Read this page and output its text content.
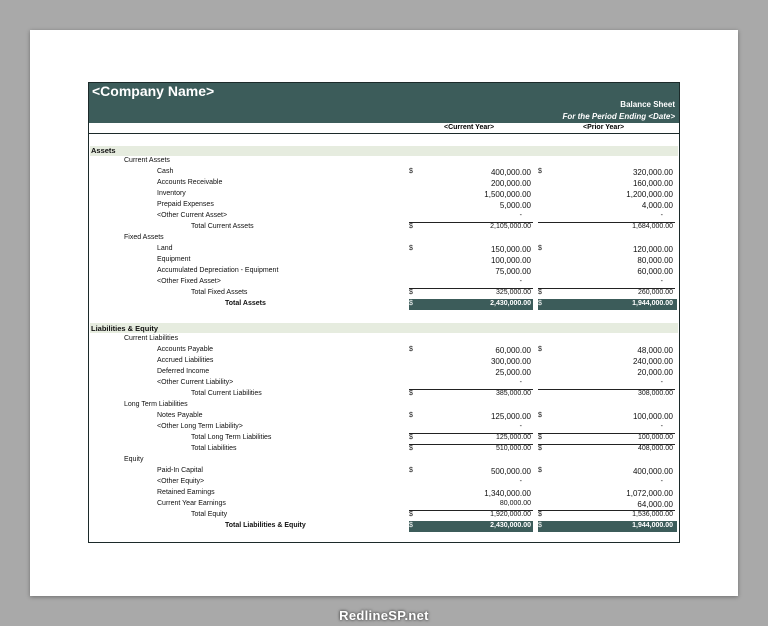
<Company Name>
Balance Sheet
For the Period Ending <Date>
<Current Year>	<Prior Year>
Assets
Current Assets
Cash	$	400,000.00 $	320,000.00
Accounts Receivable	200,000.00	160,000.00
Inventory	1,500,000.00	1,200,000.00
Prepaid Expenses	5,000.00	4,000.00
<Other Current Asset>	-	-
Total Current Assets	$	2,105,000.00	1,684,000.00
Fixed Assets
Land	$	150,000.00 $	120,000.00
Equipment	100,000.00	80,000.00
Accumulated Depreciation - Equipment	75,000.00	60,000.00
<Other Fixed Asset>	-	-
Total Fixed Assets	$	325,000.00 $	260,000.00
Total Assets	$	2,430,000.00 $	1,944,000.00
Liabilities & Equity
Current Liabilities
Accounts Payable	$	60,000.00 $	48,000.00
Accrued Liabilities	300,000.00	240,000.00
Deferred Income	25,000.00	20,000.00
<Other Current Liability>	-	-
Total Current Liabilities	$	385,000.00	308,000.00
Long Term Liabilities
Notes Payable	$	125,000.00 $	100,000.00
<Other Long Term Liability>	-	-
Total Long Term Liabilities	$	125,000.00 $	100,000.00
Total Liabilities	$	510,000.00 $	408,000.00
Equity
Paid-In Capital	$	500,000.00 $	400,000.00
<Other Equity>	-	-
Retained Earnings	1,340,000.00	1,072,000.00
Current Year Earnings	80,000.00	64,000.00
Total Equity	$	1,920,000.00 $	1,536,000.00
Total Liabilities & Equity	$	2,430,000.00 $	1,944,000.00
RedlineSP.net
